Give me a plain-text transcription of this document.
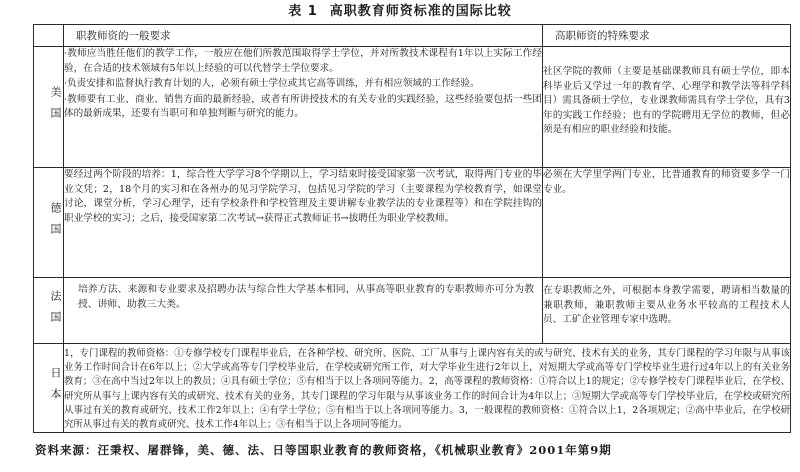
表 1 高职教育师资标准的国际比较
	职教师资的一般要求	高职师资的特殊要求
美国	·教师应当胜任他们的教学工作，一般应在他们所教范围取得学士学位，并对所教技术课程有1年以上实际工作经验，在合适的技术领域有5年以上经验的可以代替学士学位要求。

·负责安排和监督执行教育计划的人，必须有硕士学位或其它高等训练，并有相应领域的工作经验。

·教师要有工业、商业、销售方面的最新经验，或者有所讲授技术的有关专业的实践经验，这些经验要包括一些团体的最新成果，还要有当职可和单独判断与研究的能力。	社区学院的教师（主要是基础课教师具有硕士学位，即本科毕业后又学过一年的教育学、心理学和教学法等科学科目）需具备硕士学位，专业课教师需具有学士学位，具有3年的实践工作经验；也有的学院聘用无学位的教师，但必须是有相应的职业经验和技能。
德国	要经过两个阶段的培养：1，综合性大学学习8个学期以上，学习结束时接受国家第一次考试，取得两门专业的毕业文凭；2，18个月的实习和在各州办的见习学院学习，包括见习学院的学习（主要课程为学校教育学，如课堂讨论，课堂分析，学习心理学，还有学校条件和学校管理及主要讲解专业教学法的专业课程等）和在学院挂钩的职业学校的实习；之后，接受国家第二次考试→获得正式教师证书→拔聘任为职业学校教师。	必须在大学里学两门专业，比普通教育的师资要多学一门专业。
法国	培养方法、来源和专业要求及招聘办法与综合性大学基本相同，从事高等职业教育的专职教师亦可分为教授、讲师、助教三大类。	在专职教师之外，可根据本身教学需要，聘请相当数量的兼职教师，兼职教师主要从业务水平较高的工程技术人员、工矿企业管理专家中选聘。
日本	1，专门课程的教师资格：①专修学校专门课程毕业后，在各种学校、研究所、医院、工厂从事与上课内容有关的或与研究、技术有关的业务，其专门课程的学习年限与从事该业务工作时间合计在6年以上；②大学或高等专门学校毕业后，在学校或研究所工作，对大学毕业生进行2年以上，对短期大学或高等专门学校毕业生进行过4年以上的有关业务教育；③在高中当过2年以上的教员；④具有硕士学位；⑤有相当于以上各项同等能力。2，高等课程的教师资格：①符合以上1的规定；②专修学校专门课程毕业后，在学校、研究所从事与上课内容有关的或研究、技术有关的业务，其专门课程的学习年限与从事该业务工作的时间合计为4年以上；③短期大学或高等专门学校毕业后，在学校或研究所从事过有关的教育或研究、技术工作2年以上；④有学士学位；⑤有相当于以上各项同等能力。3，一般课程的教师资格：①符合以上1，2各项规定；②高中毕业后，在学校研究所从事过有关的教育或研究、技术工作4年以上；③有相当于以上各项同等能力。	

资料来源：汪秉权、屠群锋，美、德、法、日等国职业教育的教师资格，《机械职业教育》2001年第9期
